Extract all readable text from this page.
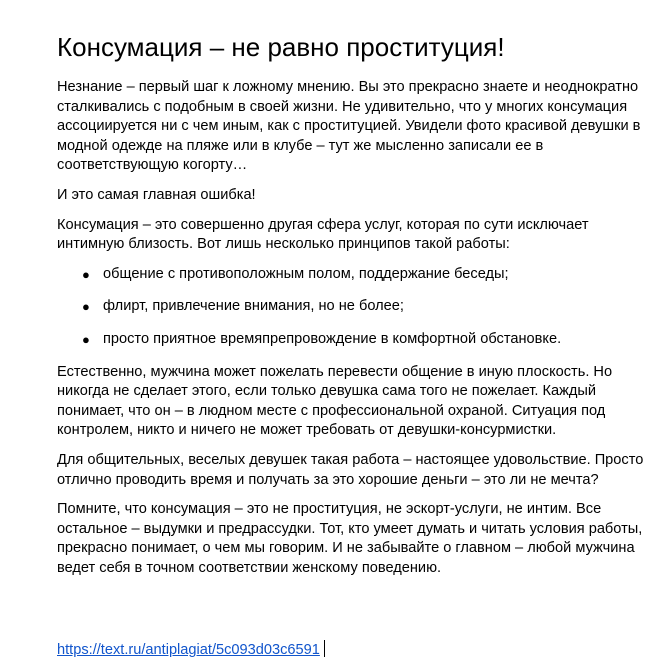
Консумация – не равно проституция!

Незнание – первый шаг к ложному мнению. Вы это прекрасно знаете и неоднократно сталкивались с подобным в своей жизни. Не удивительно, что у многих консумация ассоциируется ни с чем иным, как с проституцией. Увидели фото красивой девушки в модной одежде на пляже или в клубе – тут же мысленно записали ее в соответствующую когорту…

И это самая главная ошибка!

Консумация – это совершенно другая сфера услуг, которая по сути исключает интимную близость. Вот лишь несколько принципов такой работы:

● общение с противоположным полом, поддержание беседы;
● флирт, привлечение внимания, но не более;
● просто приятное времяпрепровождение в комфортной обстановке.

Естественно, мужчина может пожелать перевести общение в иную плоскость. Но никогда не сделает этого, если только девушка сама того не пожелает. Каждый понимает, что он – в людном месте с профессиональной охраной. Ситуация под контролем, никто и ничего не может требовать от девушки-консурмистки.

Для общительных, веселых девушек такая работа – настоящее удовольствие. Просто отлично проводить время и получать за это хорошие деньги – это ли не мечта?

Помните, что консумация – это не проституция, не эскорт-услуги, не интим. Все остальное – выдумки и предрассудки. Тот, кто умеет думать и читать условия работы, прекрасно понимает, о чем мы говорим. И не забывайте о главном – любой мужчина ведет себя в точном соответствии женскому поведению.

https://text.ru/antiplagiat/5c093d03c6591
